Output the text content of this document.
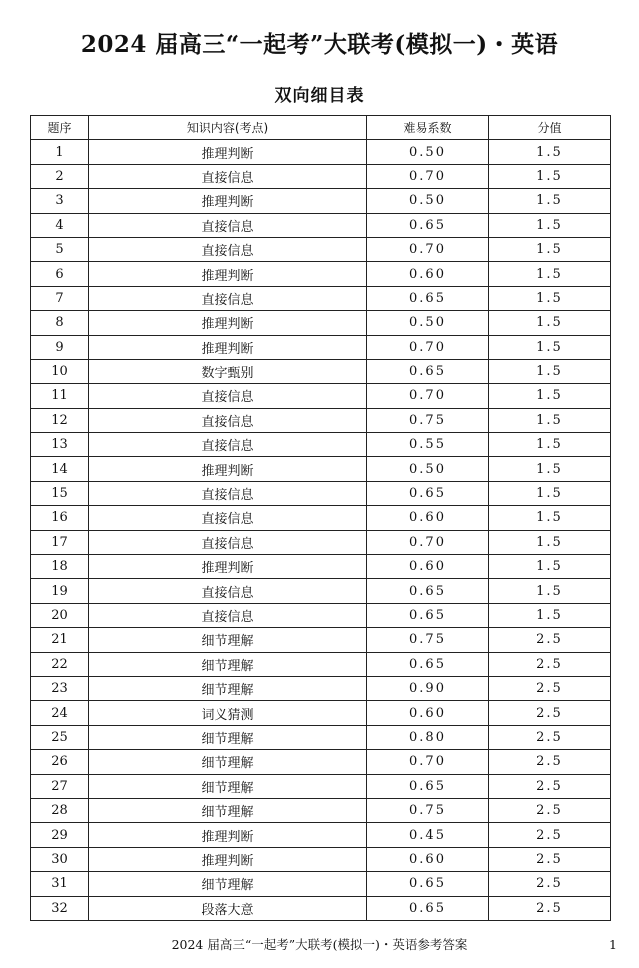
2024 届高三“一起考”大联考(模拟一)・英语
双向细目表
题序	知识内容(考点)	难易系数	分值
1	推理判断	0.50	1.5
2	直接信息	0.70	1.5
3	推理判断	0.50	1.5
4	直接信息	0.65	1.5
5	直接信息	0.70	1.5
6	推理判断	0.60	1.5
7	直接信息	0.65	1.5
8	推理判断	0.50	1.5
9	推理判断	0.70	1.5
10	数字甄别	0.65	1.5
11	直接信息	0.70	1.5
12	直接信息	0.75	1.5
13	直接信息	0.55	1.5
14	推理判断	0.50	1.5
15	直接信息	0.65	1.5
16	直接信息	0.60	1.5
17	直接信息	0.70	1.5
18	推理判断	0.60	1.5
19	直接信息	0.65	1.5
20	直接信息	0.65	1.5
21	细节理解	0.75	2.5
22	细节理解	0.65	2.5
23	细节理解	0.90	2.5
24	词义猜测	0.60	2.5
25	细节理解	0.80	2.5
26	细节理解	0.70	2.5
27	细节理解	0.65	2.5
28	细节理解	0.75	2.5
29	推理判断	0.45	2.5
30	推理判断	0.60	2.5
31	细节理解	0.65	2.5
32	段落大意	0.65	2.5
2024 届高三“一起考”大联考(模拟一)・英语参考答案	1
